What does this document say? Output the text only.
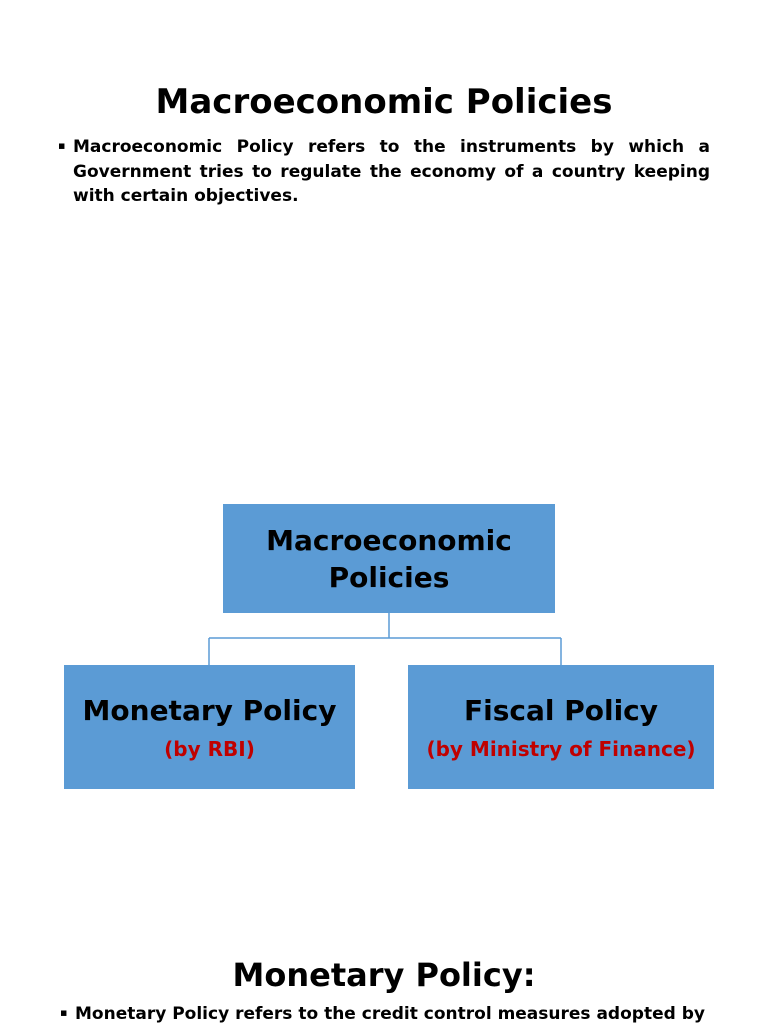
Macroeconomic Policies
▪ Macroeconomic Policy refers to the instruments by which a Government tries to regulate the economy of a country keeping with certain objectives.
Macroeconomic Policies
Monetary Policy
(by RBI)
Fiscal Policy
(by Ministry of Finance)
Monetary Policy:
▪ Monetary Policy refers to the credit control measures adopted by
